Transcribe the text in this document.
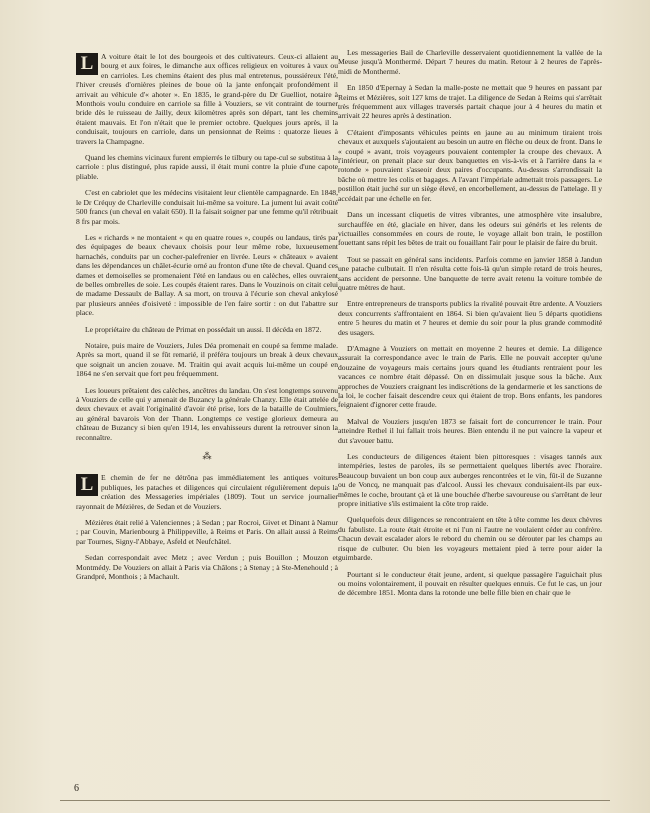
L	A voiture était le lot des bourgeois et des cultivateurs. Ceux-ci allaient au bourg et aux foires, le dimanche aux offices religieux en voitures à vaux ou en carrioles. Les chemins étaient des plus mal entretenus, poussiéreux l'été, l'hiver creusés d'ornières pleines de boue où la jante enfonçait profondément il arrivait au véhicule d'« ahoter ». En 1835, le grand-père du Dr Guelliot, notaire à Monthois voulu conduire en carriole sa fille à Vouziers, se vit contraint de tourner bride dès le ruisseau de Jailly, deux kilomètres après son départ, tant les chemins étaient mauvais. Et l'on n'était que le premier octobre. Quelques jours après, il la conduisait, toujours en carriole, dans un pensionnat de Reims : quatorze lieues à travers la Champagne.

Quand les chemins vicinaux furent empierrés le tilbury ou tape-cul se substitua à la carriole : plus distingué, plus rapide aussi, il était muni contre la pluie d'une capote pliable.

C'est en cabriolet que les médecins visitaient leur clientèle campagnarde. En 1848, le Dr Créquy de Charleville conduisait lui-même sa voiture. La jument lui avait coûté 500 francs (un cheval en valait 650). Il la faisait soigner par une femme qu'il rétribuait 8 frs par mois.

Les « richards » ne montaient « qu en quatre roues », coupés ou landaus, tirés par des équipages de beaux chevaux choisis pour leur même robe, luxueusement harnachés, conduits par un cocher-palefrenier en livrée. Leurs « châteaux » avaient dans les dépendances un châlet-écurie orné au fronton d'une tête de cheval. Quand ces dames et demoiselles se promenaient l'été en landaus ou en calèches, elles ouvraient de belles ombrelles de soie. Les coupés étaient rares. Dans le Vouzinois on citait celui de madame Dessaulx de Ballay. A sa mort, on trouva à l'écurie son cheval ankylosé par plusieurs années d'oisiveté : impossible de l'en faire sortir : on dut l'abattre sur place.

Le propriétaire du château de Primat en possédait un aussi. Il décéda en 1872.

Notaire, puis maire de Vouziers, Jules Déa promenait en coupé sa femme malade. Après sa mort, quand il se fût remarié, il préféra toujours un break à deux chevaux que soignait un ancien zouave. M. Traitin qui avait acquis lui-même un coupé en 1864 ne s'en servait que fort peu fréquemment.

Les loueurs prêtaient des calèches, ancêtres du landau. On s'est longtemps souvenu à Vouziers de celle qui y amenait de Buzancy la générale Chanzy. Elle était attelée de deux chevaux et avait l'originalité d'avoir été prise, lors de la bataille de Coulmiers, au général bavarois Von der Thann. Longtemps ce vestige glorieux demeura au château de Buzancy si bien qu'en 1914, les envahisseurs durent la retrouver sinon la reconnaître.

⁂

L	E chemin de fer ne détrôna pas immédiatement les antiques voitures publiques, les pataches et diligences qui circulaient régulièrement depuis la création des Messageries impériales (1809). Tout un service journalier rayonnait de Mézières, de Sedan et de Vouziers.

Mézières était relié à Valenciennes ; à Sedan ; par Rocroi, Givet et Dinant à Namur ; par Couvin, Marienbourg à Philippeville, à Reims et Paris. On allait aussi à Reims par Tournes, Signy-l'Abbaye, Asfeld et Neufchâtel.

Sedan correspondait avec Metz ; avec Verdun ; puis Bouillon ; Mouzon et Montmédy. De Vouziers on allait à Paris via Châlons ; à Stenay ; à Ste-Menehould ; à Grandpré, Monthois ; à Machault.

Les messageries Bail de Charleville desservaient quotidiennement la vallée de la Meuse jusqu'à Monthermé. Départ 7 heures du matin. Retour à 2 heures de l'après-midi de Monthermé.

En 1850 d'Epernay à Sedan la malle-poste ne mettait que 9 heures en passant par Reims et Mézières, soit 127 kms de trajet. La diligence de Sedan à Reims qui s'arrêtait très fréquemment aux villages traversés partait chaque jour à 4 heures du matin et arrivait 22 heures après à destination.

C'étaient d'imposants véhicules peints en jaune au au minimum tiraient trois chevaux et auxquels s'ajoutaient au besoin un autre en flèche ou deux de front. Dans le « coupé » avant, trois voyageurs pouvaient contempler la croupe des chevaux. A l'intérieur, on prenait place sur deux banquettes en vis-à-vis et à l'arrière dans la « rotonde » pouvaient s'asseoir deux paires d'occupants. Au-dessus s'arrondissait la bâche où mettre les colis et bagages. A l'avant l'impériale admettait trois passagers. Le postillon était juché sur un siège élevé, en encorbellement, au-dessus de l'attelage. Il y accédait par une échelle en fer.

Dans un incessant cliquetis de vitres vibrantes, une atmosphère vite insalubre, surchauffée en été, glaciale en hiver, dans les odeurs sui générls et les relents de victuailles consommées en cours de route, le voyage allait bon train, le postillon fouettant sans répit les bêtes de trait ou fouaillant l'air pour le plaisir de faire du bruit.

Tout se passait en général sans incidents. Parfois comme en janvier 1858 à Jandun une patache culbutait. Il n'en résulta cette fois-là qu'un simple retard de trois heures, sans accident de personne. Une banquette de terre avait retenu la voiture tombée de quatre mètres de haut.

Entre entrepreneurs de transports publics la rivalité pouvait être ardente. A Vouziers deux concurrents s'affrontaient en 1864. Si bien qu'avaient lieu 5 départs quotidiens entre 5 heures du matin et 7 heures et demie du soir pour la plus grande commodité des usagers.

D'Amagne à Vouziers on mettait en moyenne 2 heures et demie. La diligence assurait la correspondance avec le train de Paris. Elle ne pouvait accepter qu'une douzaine de voyageurs mais certains jours quand les étudiants rentraient pour les vacances ce nombre était dépassé. On en dissimulait jusque sous la bâche. Aux approches de Vouziers craignant les indiscrétions de la gendarmerie et les sanctions de la loi, le cocher faisait descendre ceux qui étaient de trop. Bons enfants, les pandores feignaient d'ignorer cette fraude.

Malval de Vouziers jusqu'en 1873 se faisait fort de concurrencer le train. Pour atteindre Rethel il lui fallait trois heures. Bien entendu il ne put vaincre la vapeur et dut s'avouer battu.

Les conducteurs de diligences étaient bien pittoresques : visages tannés aux intempéries, lestes de paroles, ils se permettaient quelques libertés avec l'horaire. Beaucoup buvaient un bon coup aux auberges rencontrées et le vin, fût-il de Suzanne ou de Voncq, ne manquait pas d'alcool. Aussi les chevaux conduisaient-ils par eux-mêmes le coche, broutant çà et là une bouchée d'herbe savoureuse ou s'arrêtant de leur propre initiative s'ils estimaient la côte trop raide.

Quelquefois deux diligences se rencontraient en tête à tête comme les deux chèvres du fabuliste. La route était étroite et ni l'un ni l'autre ne voulaient céder au confrère. Chacun devait escalader alors le rebord du chemin ou se dérouter par les champs au risque de culbuter. Ou bien les voyageurs mettaient pied à terre pour aider la guimbarde.

Pourtant si le conducteur était jeune, ardent, si quelque passagère l'aguichait plus ou moins volontairement, il pouvait en résulter quelques ennuis. Ce fut le cas, un jour de décembre 1851. Monta dans la rotonde une belle fille bien en chair que le

6
